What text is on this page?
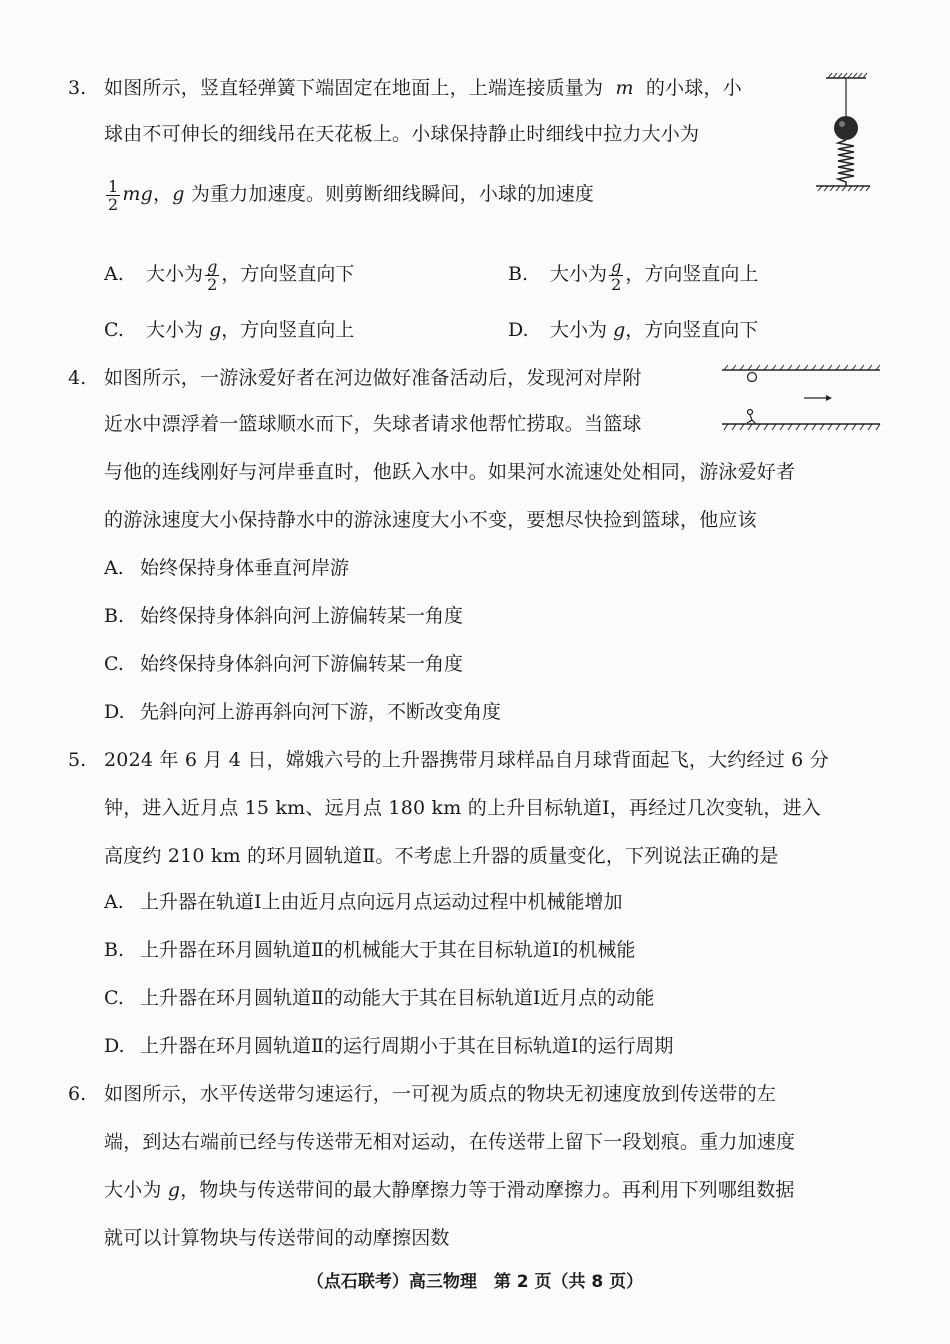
3. 如图所示，竖直轻弹簧下端固定在地面上，上端连接质量为 m 的小球，小
球由不可伸长的细线吊在天花板上。小球保持静止时细线中拉力大小为
$\frac{1}{2}$ mg，g 为重力加速度。则剪断细线瞬间，小球的加速度
A. 大小为 $\frac{g}{2}$ ，方向竖直向下	B. 大小为 $\frac{g}{2}$ ，方向竖直向上
C. 大小为 g，方向竖直向上	D. 大小为 g，方向竖直向下
4. 如图所示，一游泳爱好者在河边做好准备活动后，发现河对岸附
近水中漂浮着一篮球顺水而下，失球者请求他帮忙捞取。当篮球
与他的连线刚好与河岸垂直时，他跃入水中。如果河水流速处处相同，游泳爱好者
的游泳速度大小保持静水中的游泳速度大小不变，要想尽快捡到篮球，他应该
A. 始终保持身体垂直河岸游
B. 始终保持身体斜向河上游偏转某一角度
C. 始终保持身体斜向河下游偏转某一角度
D. 先斜向河上游再斜向河下游，不断改变角度
5. 2024 年 6 月 4 日，嫦娥六号的上升器携带月球样品自月球背面起飞，大约经过 6 分
钟，进入近月点 15 km、远月点 180 km 的上升目标轨道Ⅰ，再经过几次变轨，进入
高度约 210 km 的环月圆轨道Ⅱ。不考虑上升器的质量变化，下列说法正确的是
A. 上升器在轨道Ⅰ上由近月点向远月点运动过程中机械能增加
B. 上升器在环月圆轨道Ⅱ的机械能大于其在目标轨道Ⅰ的机械能
C. 上升器在环月圆轨道Ⅱ的动能大于其在目标轨道Ⅰ近月点的动能
D. 上升器在环月圆轨道Ⅱ的运行周期小于其在目标轨道Ⅰ的运行周期
6. 如图所示，水平传送带匀速运行，一可视为质点的物块无初速度放到传送带的左
端，到达右端前已经与传送带无相对运动，在传送带上留下一段划痕。重力加速度
大小为 g，物块与传送带间的最大静摩擦力等于滑动摩擦力。再利用下列哪组数据
就可以计算物块与传送带间的动摩擦因数
（点石联考）高三物理　第 2 页（共 8 页）
